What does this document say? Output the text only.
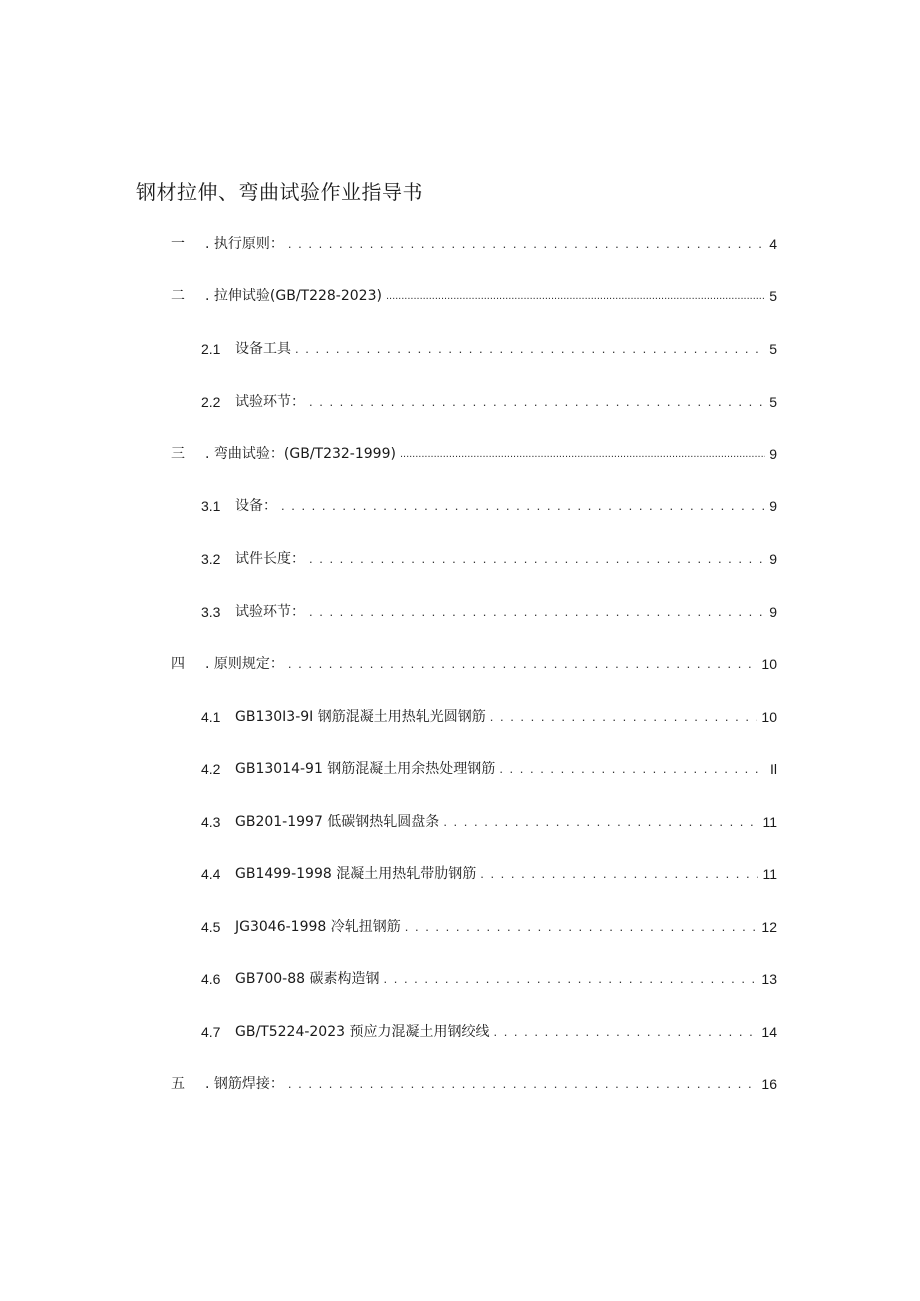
钢材拉伸、弯曲试验作业指导书
一	. 执行原则： . . .	4
二	. 拉伸试验(GB/T228-2023) .....	5
2.1	设备工具 . . .	5
2.2	试验环节： . . .	5
三	. 弯曲试验：(GB/T232-1999) .....	9
3.1	设备： . . .	9
3.2	试件长度： . . .	9
3.3	试验环节： . . .	9
四	. 原则规定： . . .	10
4.1	GB130I3-9I 钢筋混凝土用热轧光圆钢筋 . . .	10
4.2	GB13014-91 钢筋混凝土用余热处理钢筋 . . .	Il
4.3	GB201-1997 低碳钢热轧圆盘条 . . .	11
4.4	GB1499-1998 混凝土用热轧带肋钢筋 . . .	11
4.5	JG3046-1998 冷轧扭钢筋 . . .	12
4.6	GB700-88 碳素构造钢 . . .	13
4.7	GB/T5224-2023 预应力混凝土用钢绞线 . . .	14
五	. 钢筋焊接： . . .	16
